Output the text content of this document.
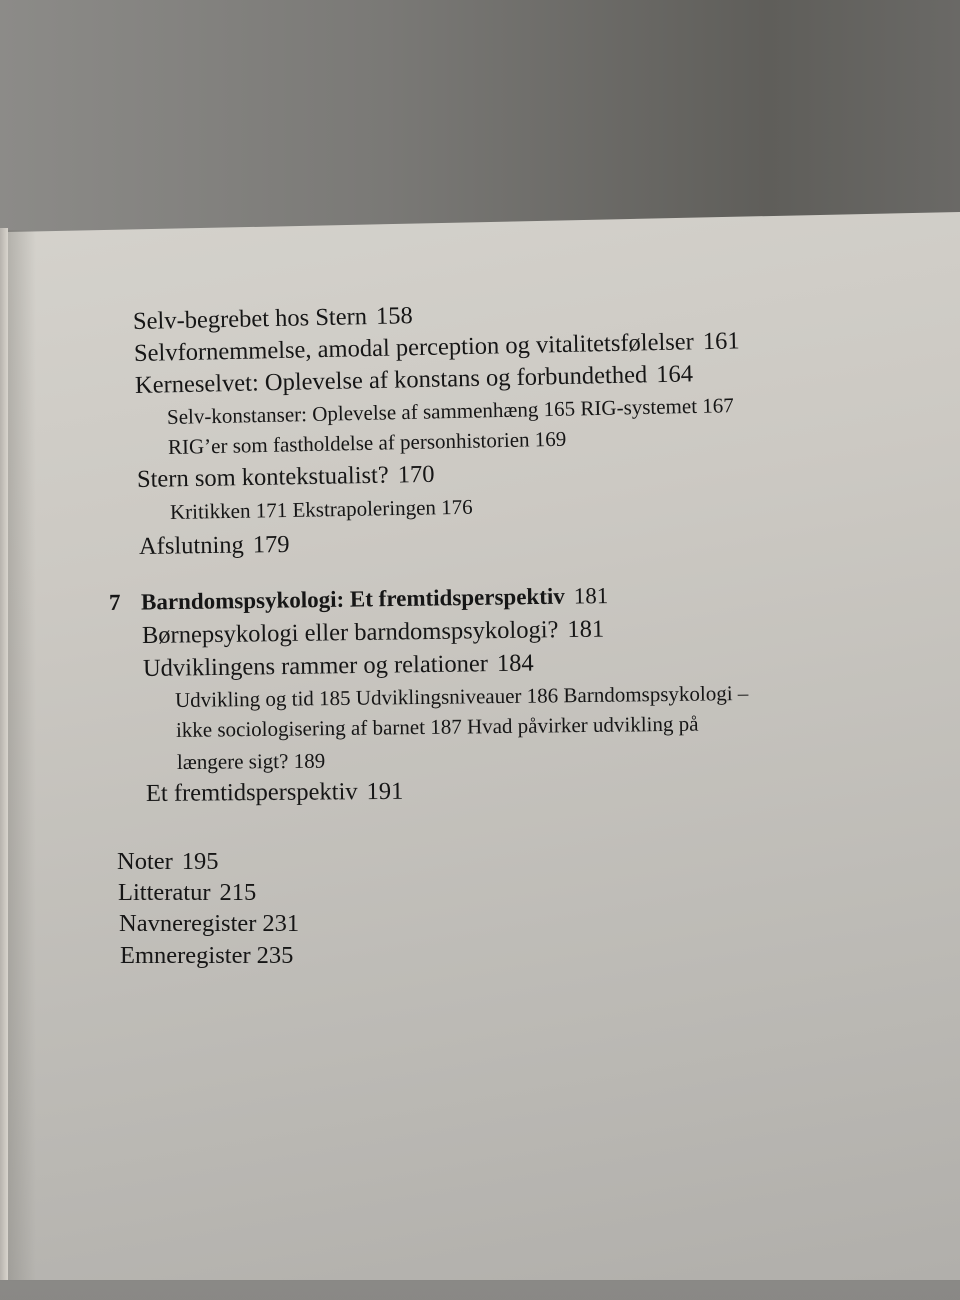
Selv-begrebet hos Stern 158
Selvfornemmelse, amodal perception og vitalitetsfølelser 161
Kerneselvet: Oplevelse af konstans og forbundethed 164
Selv-konstanser: Oplevelse af sammenhæng 165 RIG-systemet 167
RIG’er som fastholdelse af personhistorien 169
Stern som kontekstualist? 170
Kritikken 171 Ekstrapoleringen 176
Afslutning 179
7 Barndomspsykologi: Et fremtidsperspektiv 181
Børnepsykologi eller barndomspsykologi? 181
Udviklingens rammer og relationer 184
Udvikling og tid 185 Udviklingsniveauer 186 Barndomspsykologi –
ikke sociologisering af barnet 187 Hvad påvirker udvikling på
længere sigt? 189
Et fremtidsperspektiv 191
Noter 195
Litteratur 215
Navneregister 231
Emneregister 235
